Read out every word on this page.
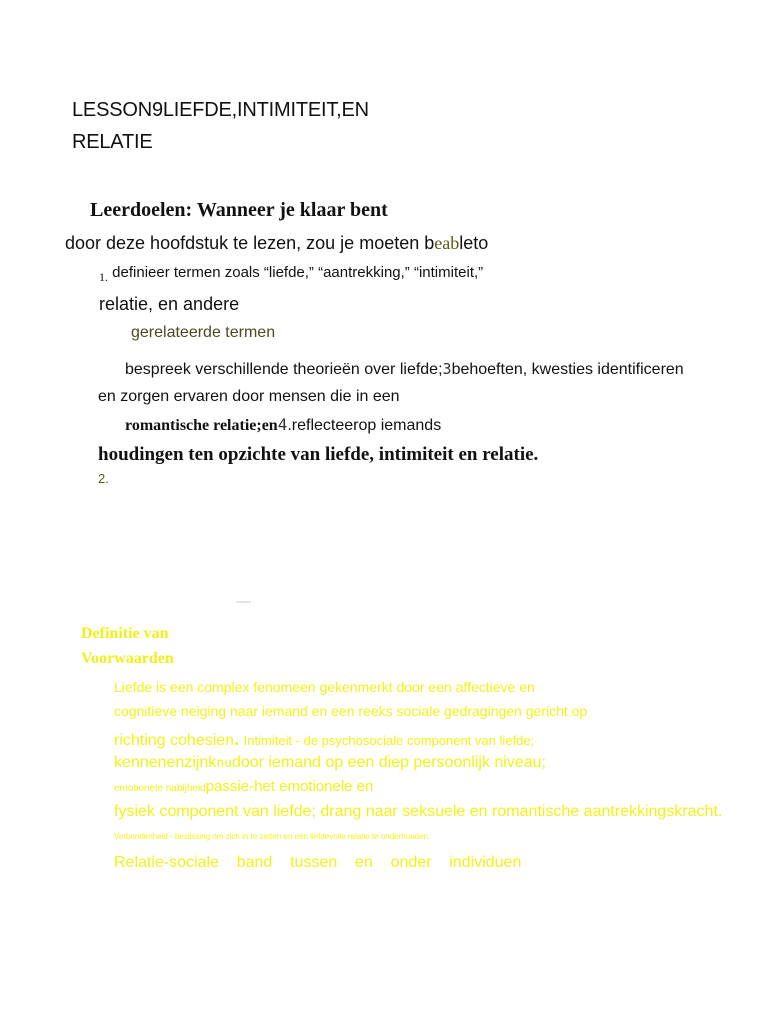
LESSON9LIEFDE,INTIMITEIT,EN
RELATIE
Leerdoelen: Wanneer je klaar bent
door deze hoofdstuk te lezen, zou je moeten beableto
$_{1.}$ definieer termen zoals “liefde,” “aantrekking,” “intimiteit,”
relatie, en andere
gerelateerde termen
bespreek verschillende theorieën over liefde;3behoeften, kwesties identificeren
en zorgen ervaren door mensen die in een
romantische relatie;en4.reflecteerop iemands
houdingen ten opzichte van liefde, intimiteit en relatie.
2.
~~~~~~
Definitie van
Voorwaarden
Liefde is een complex fenomeen gekenmerkt door een affectieve en
cognitieve neiging naar iemand en een reeks sociale gedragingen gericht op
richting cohesien. Intimiteit - de psychosociale component van liefde;
kennenenzijnknudoor iemand op een diep persoonlijk niveau;
emotionele nabijheidpassie-het emotionele en
fysiek component van liefde; drang naar seksuele en romantische aantrekkingskracht.
Verbondenheid - beslissing om zich in te zetten en een liefdevolle relatie te onderhouden.
Relatie-sociale    band    tussen    en    onder    individuen
